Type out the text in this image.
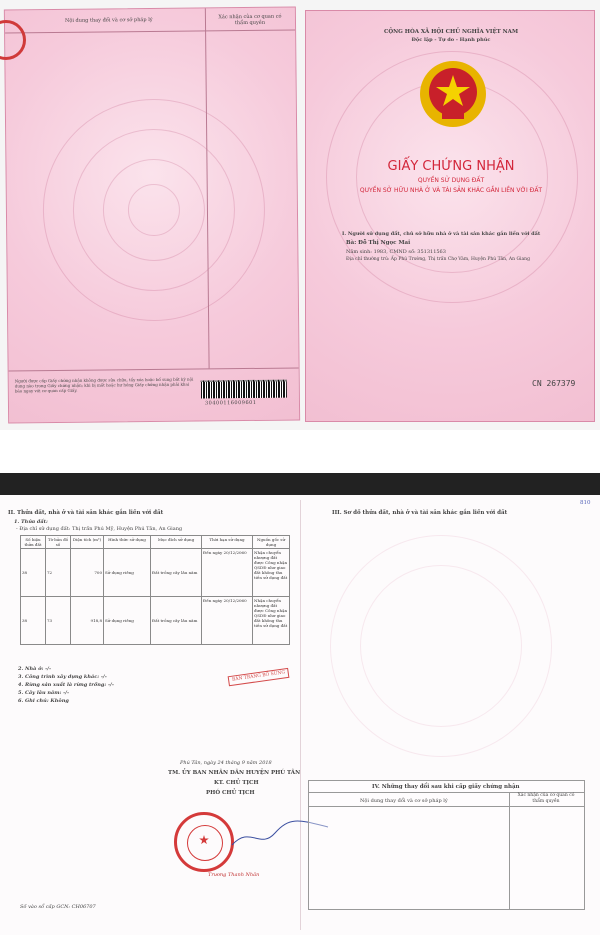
Nội dung thay đổi và cơ sở pháp lý
Xác nhận của cơ quan có thẩm quyền
Người được cấp Giấy chứng nhận không được sửa chữa, tẩy xóa hoặc bổ sung bất kỳ nội dung nào trong Giấy chứng nhận; khi bị mất hoặc hư hỏng Giấy chứng nhận phải khai báo ngay với cơ quan cấp Giấy.
30400116009601
CỘNG HÒA XÃ HỘI CHỦ NGHĨA VIỆT NAM
Độc lập - Tự do - Hạnh phúc
GIẤY CHỨNG NHẬN
QUYỀN SỬ DỤNG ĐẤT
QUYỀN SỞ HỮU NHÀ Ở VÀ TÀI SẢN KHÁC GẮN LIỀN VỚI ĐẤT
I. Người sử dụng đất, chủ sở hữu nhà ở và tài sản khác gắn liền với đất
Bà: Đỗ Thị Ngọc Mai
Năm sinh: 1983, CMND số: 351311563
Địa chỉ thường trú: Ấp Phú Trường, Thị trấn Chợ Vàm, Huyện Phú Tân, An Giang
CN 267379
II. Thửa đất, nhà ở và tài sản khác gắn liền với đất
1. Thửa đất:
- Địa chỉ sử dụng đất: Thị trấn Phú Mỹ, Huyện Phú Tân, An Giang
Số hiệu thửa đất	Tờ bản đồ số	Diện tích (m²)	Hình thức sử dụng	Mục đích sử dụng	Thời hạn sử dụng	Nguồn gốc sử dụng
38	72	700	Sử dụng riêng	Đất trồng cây lâu năm	Đến ngày 20/12/2060	Nhận chuyển nhượng đất được Công nhận QSDĐ như giao đất không thu tiền sử dụng đất
38	73	918,8	Sử dụng riêng	Đất trồng cây lâu năm	Đến ngày 20/12/2060	Nhận chuyển nhượng đất được Công nhận QSDĐ như giao đất không thu tiền sử dụng đất
2. Nhà ở: -/-
3. Công trình xây dựng khác: -/-
4. Rừng sản xuất là rừng trồng: -/-
5. Cây lâu năm: -/-
6. Ghi chú: Không
BẢN TRANG BỔ SUNG
Phú Tân, ngày 24 tháng 9 năm 2018
TM. ỦY BAN NHÂN DÂN HUYỆN PHÚ TÂN
KT. CHỦ TỊCH
PHÓ CHỦ TỊCH
Trương Thanh Nhân
Số vào sổ cấp GCN: CH06707
III. Sơ đồ thửa đất, nhà ở và tài sản khác gắn liền với đất
810
IV. Những thay đổi sau khi cấp giấy chứng nhận
Nội dung thay đổi và cơ sở pháp lý
Xác nhận của cơ quan có thẩm quyền
